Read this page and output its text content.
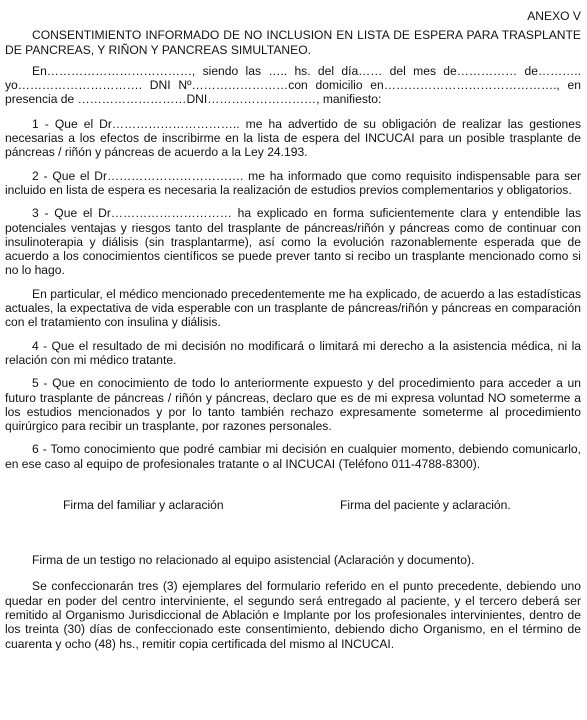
ANEXO V
CONSENTIMIENTO INFORMADO DE NO INCLUSION EN LISTA DE ESPERA PARA TRASPLANTE DE PANCREAS, Y RIÑON Y PANCREAS SIMULTANEO.
En………………………………, siendo las ….. hs. del día…… del mes de…………… de……….. yo…………………………. DNI Nº……………………con domicilio en……………………………………., en presencia de ………………………DNI………………………, manifiesto:
1 - Que el Dr………………………….. me ha advertido de su obligación de realizar las gestiones necesarias a los efectos de inscribirme en la lista de espera del INCUCAI para un posible trasplante de páncreas / riñón y páncreas de acuerdo a la Ley 24.193.
2 - Que el Dr……………………………. me ha informado que como requisito indispensable para ser incluido en lista de espera es necesaria la realización de estudios previos complementarios y obligatorios.
3 - Que el Dr………………………… ha explicado en forma suficientemente clara y entendible las potenciales ventajas y riesgos tanto del trasplante de páncreas/riñón y páncreas como de continuar con insulinoterapia y diálisis (sin trasplantarme), así como la evolución razonablemente esperada que de acuerdo a los conocimientos científicos se puede prever tanto si recibo un trasplante mencionado como si no lo hago.
En particular, el médico mencionado precedentemente me ha explicado, de acuerdo a las estadísticas actuales, la expectativa de vida esperable con un trasplante de páncreas/riñón y páncreas en comparación con el tratamiento con insulina y diálisis.
4 - Que el resultado de mi decisión no modificará o limitará mi derecho a la asistencia médica, ni la relación con mi médico tratante.
5 - Que en conocimiento de todo lo anteriormente expuesto y del procedimiento para acceder a un futuro trasplante de páncreas / riñón y páncreas, declaro que es de mi expresa voluntad NO someterme a los estudios mencionados y por lo tanto también rechazo expresamente someterme al procedimiento quirúrgico para recibir un trasplante, por razones personales.
6 - Tomo conocimiento que podré cambiar mi decisión en cualquier momento, debiendo comunicarlo, en ese caso al equipo de profesionales tratante o al INCUCAI (Teléfono 011-4788-8300).
Firma del familiar y aclaración	Firma del paciente y aclaración.
Firma de un testigo no relacionado al equipo asistencial (Aclaración y documento).
Se confeccionarán tres (3) ejemplares del formulario referido en el punto precedente, debiendo uno quedar en poder del centro interviniente, el segundo será entregado al paciente, y el tercero deberá ser remitido al Organismo Jurisdiccional de Ablación e Implante por los profesionales intervinientes, dentro de los treinta (30) días de confeccionado este consentimiento, debiendo dicho Organismo, en el término de cuarenta y ocho (48) hs., remitir copia certificada del mismo al INCUCAI.
